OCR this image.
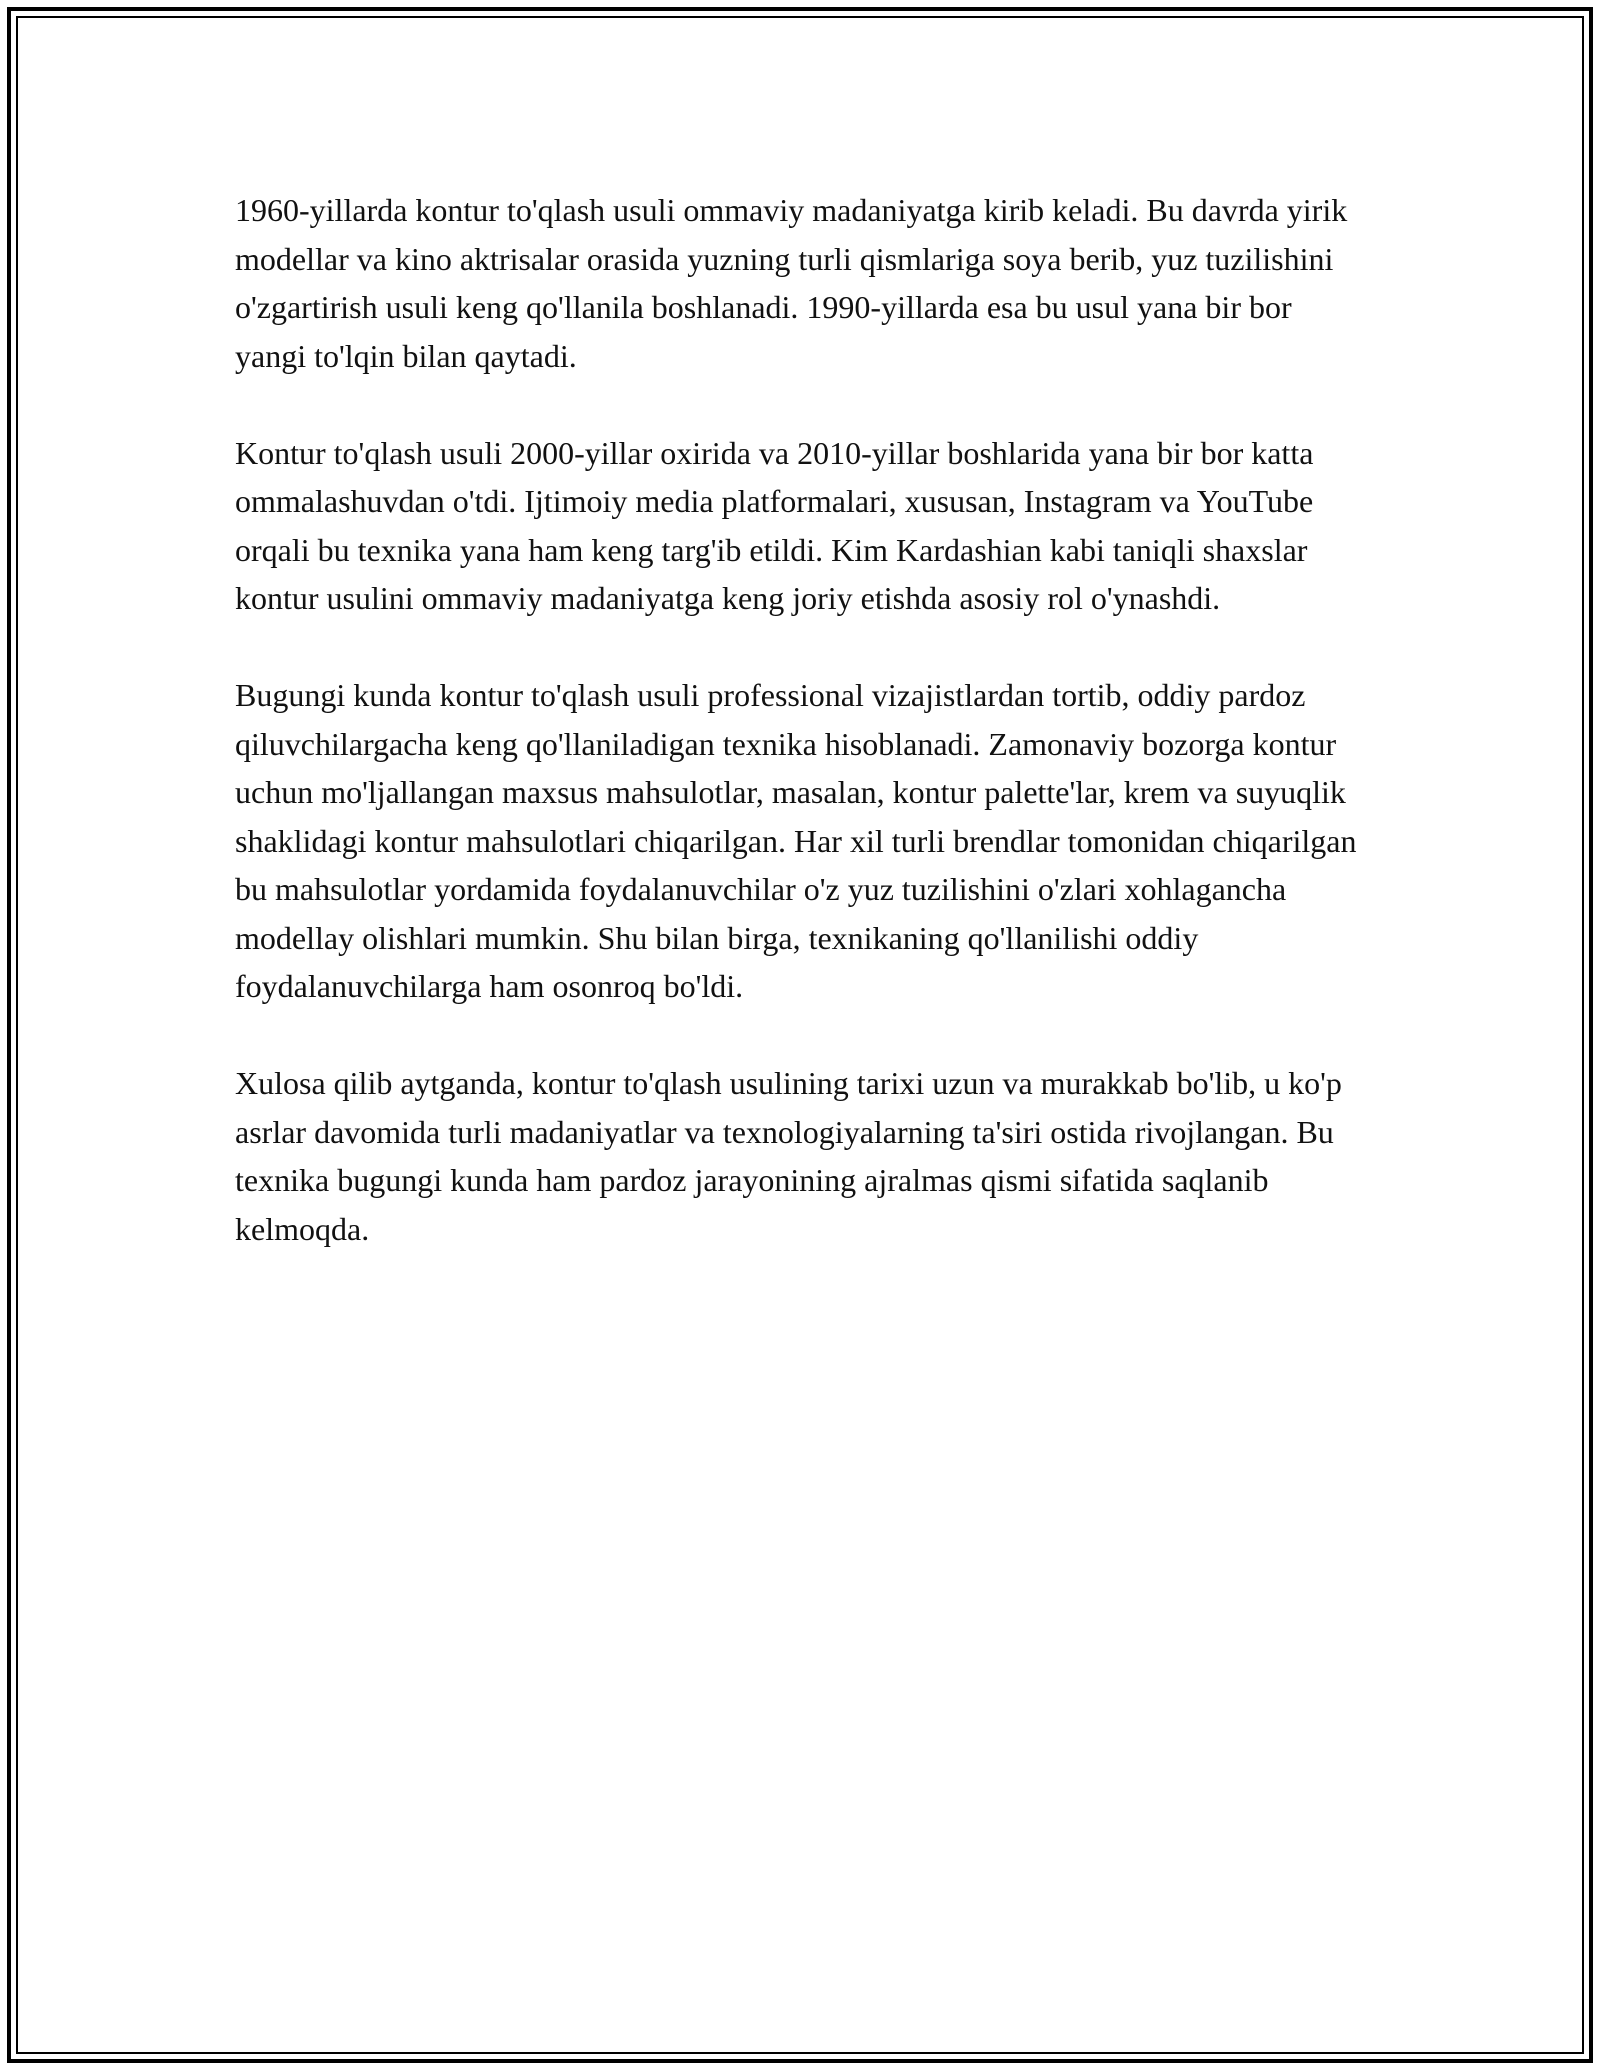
1960-yillarda kontur to'qlash usuli ommaviy madaniyatga kirib keladi. Bu davrda yirik modellar va kino aktrisalar orasida yuzning turli qismlariga soya berib, yuz tuzilishini o'zgartirish usuli keng qo'llanila boshlanadi. 1990-yillarda esa bu usul yana bir bor yangi to'lqin bilan qaytadi.

Kontur to'qlash usuli 2000-yillar oxirida va 2010-yillar boshlarida yana bir bor katta ommalashuvdan o'tdi. Ijtimoiy media platformalari, xususan, Instagram va YouTube orqali bu texnika yana ham keng targ'ib etildi. Kim Kardashian kabi taniqli shaxslar kontur usulini ommaviy madaniyatga keng joriy etishda asosiy rol o'ynashdi.

Bugungi kunda kontur to'qlash usuli professional vizajistlardan tortib, oddiy pardoz qiluvchilargacha keng qo'llaniladigan texnika hisoblanadi. Zamonaviy bozorga kontur uchun mo'ljallangan maxsus mahsulotlar, masalan, kontur palette'lar, krem va suyuqlik shaklidagi kontur mahsulotlari chiqarilgan. Har xil turli brendlar tomonidan chiqarilgan bu mahsulotlar yordamida foydalanuvchilar o'z yuz tuzilishini o'zlari xohlagancha modellay olishlari mumkin. Shu bilan birga, texnikaning qo'llanilishi oddiy foydalanuvchilarga ham osonroq bo'ldi.

Xulosa qilib aytganda, kontur to'qlash usulining tarixi uzun va murakkab bo'lib, u ko'p asrlar davomida turli madaniyatlar va texnologiyalarning ta'siri ostida rivojlangan. Bu texnika bugungi kunda ham pardoz jarayonining ajralmas qismi sifatida saqlanib kelmoqda.
